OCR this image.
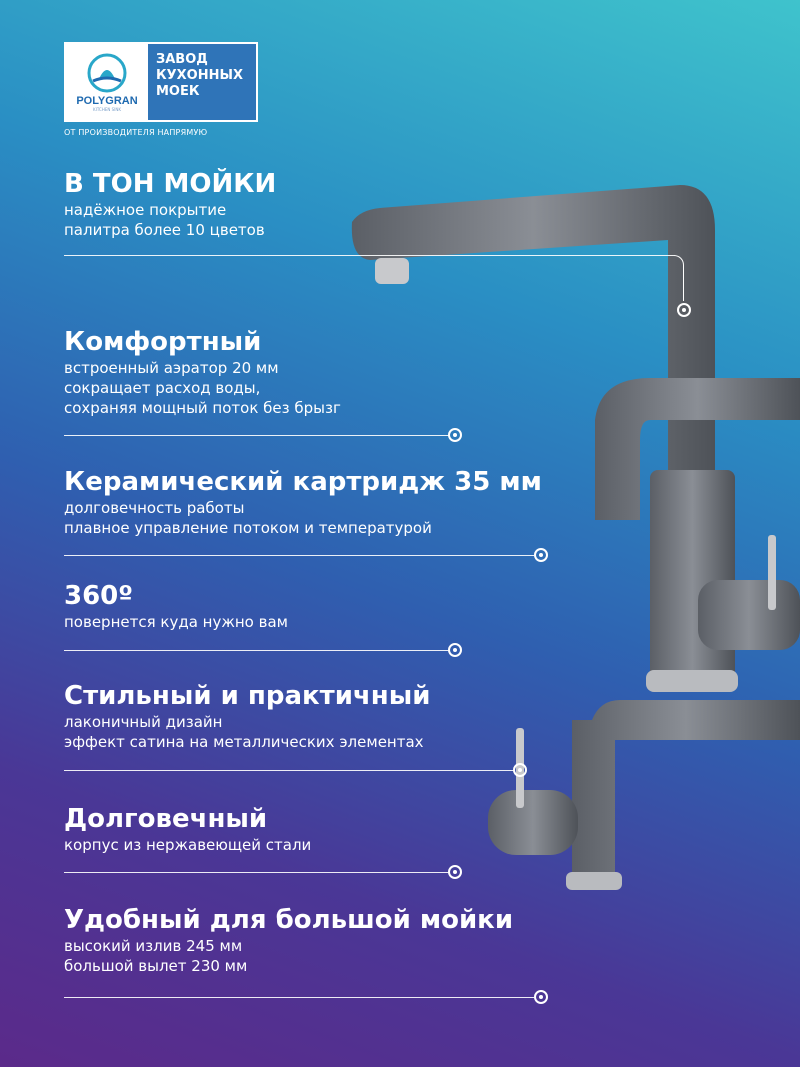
POLYGRAN
KITCHEN SINK
ЗАВОД КУХОННЫХ МОЕК
ОТ ПРОИЗВОДИТЕЛЯ НАПРЯМУЮ
В ТОН МОЙКИ

надёжное покрытие

палитра более 10 цветов

Комфортный

встроенный аэратор 20 мм

сокращает расход воды,

сохраняя мощный поток без брызг

Керамический картридж 35 мм

долговечность работы

плавное управление потоком и температурой

360º

повернется куда нужно вам

Стильный и практичный

лаконичный дизайн

эффект сатина на металлических элементах

Долговечный

корпус из нержавеющей стали

Удобный для большой мойки

высокий излив 245 мм

большой вылет 230 мм
